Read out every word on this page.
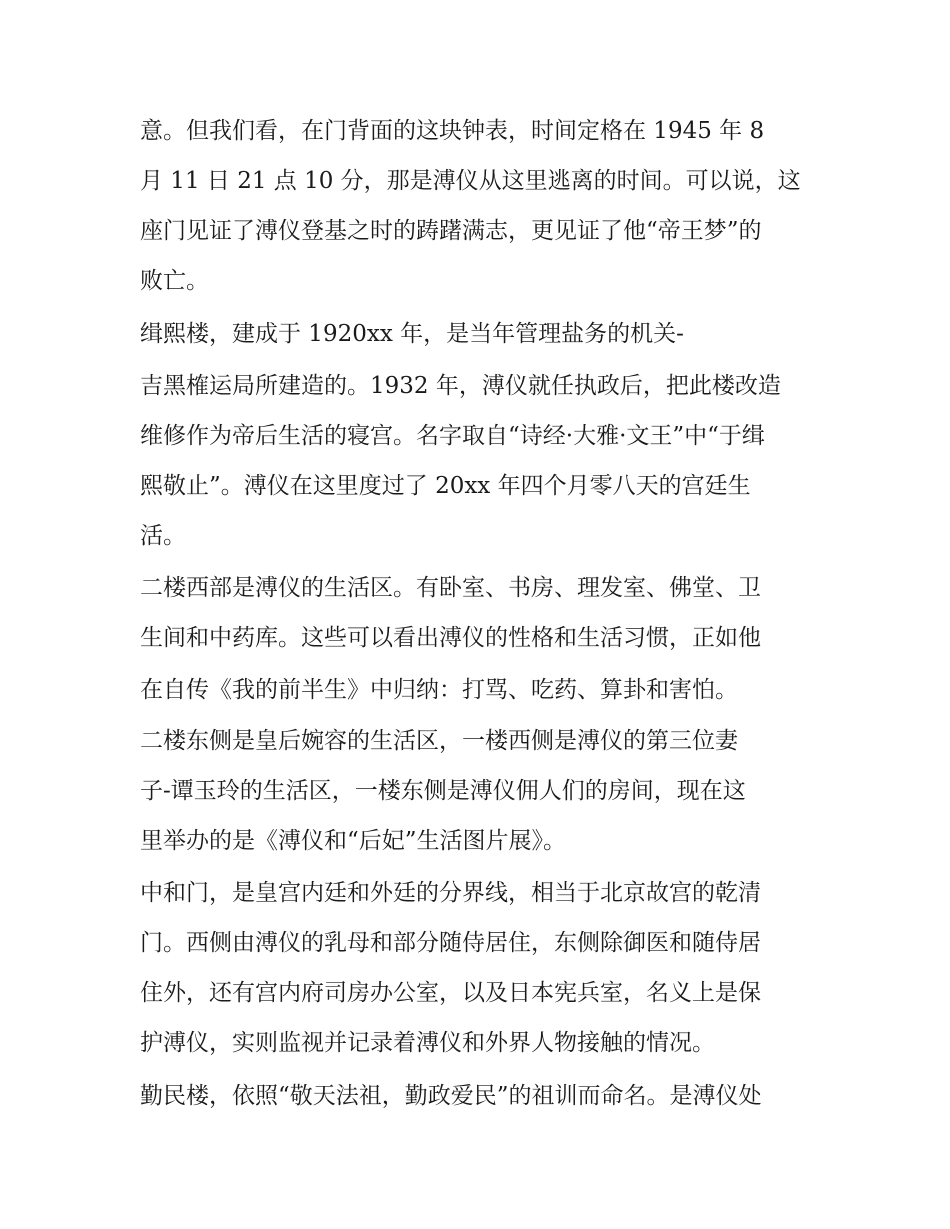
意。但我们看，在门背面的这块钟表，时间定格在 1945 年 8
月 11 日 21 点 10 分，那是溥仪从这里逃离的时间。可以说，这
座门见证了溥仪登基之时的踌躇满志，更见证了他“帝王梦”的
败亡。
缉熙楼，建成于 1920xx 年，是当年管理盐务的机关-
吉黑榷运局所建造的。1932 年，溥仪就任执政后，把此楼改造
维修作为帝后生活的寝宫。名字取自“诗经·大雅·文王”中“于缉
熙敬止”。溥仪在这里度过了 20xx 年四个月零八天的宫廷生
活。
二楼西部是溥仪的生活区。有卧室、书房、理发室、佛堂、卫
生间和中药库。这些可以看出溥仪的性格和生活习惯，正如他
在自传《我的前半生》中归纳：打骂、吃药、算卦和害怕。
二楼东侧是皇后婉容的生活区，一楼西侧是溥仪的第三位妻
子-谭玉玲的生活区，一楼东侧是溥仪佣人们的房间，现在这
里举办的是《溥仪和“后妃”生活图片展》。
中和门，是皇宫内廷和外廷的分界线，相当于北京故宫的乾清
门。西侧由溥仪的乳母和部分随侍居住，东侧除御医和随侍居
住外，还有宫内府司房办公室，以及日本宪兵室，名义上是保
护溥仪，实则监视并记录着溥仪和外界人物接触的情况。
勤民楼，依照“敬天法祖，勤政爱民”的祖训而命名。是溥仪处
